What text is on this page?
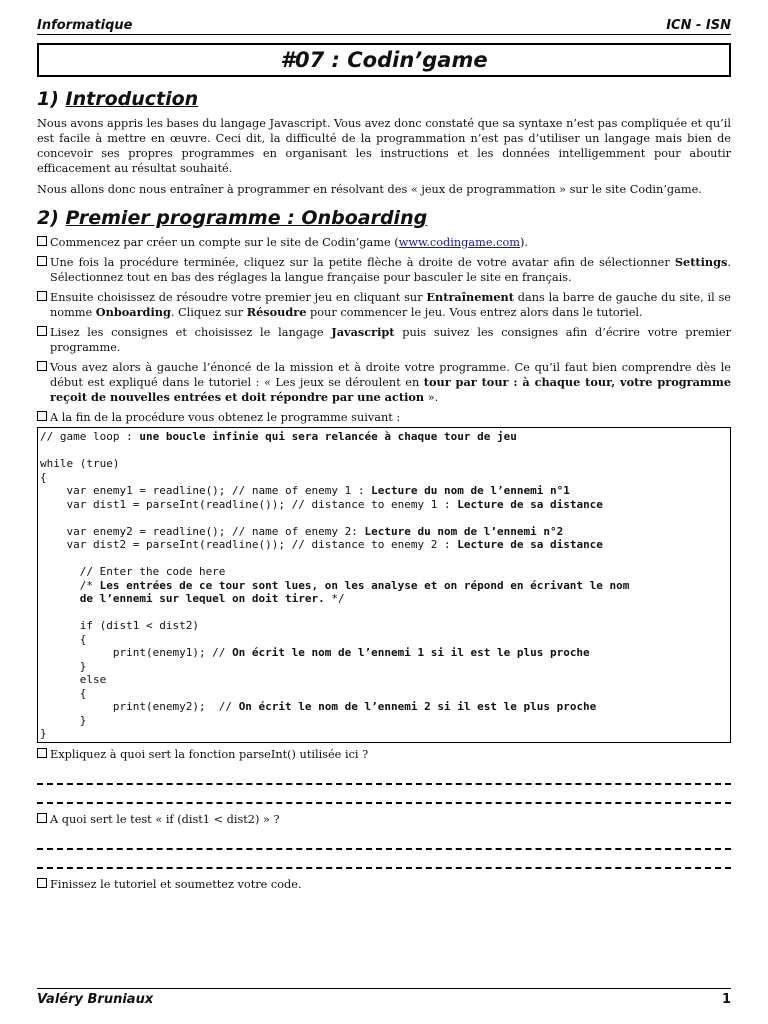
Informatique	ICN - ISN
#07 : Codin’game
1) Introduction

Nous avons appris les bases du langage Javascript. Vous avez donc constaté que sa syntaxe n’est pas compliquée et qu’il est facile à mettre en œuvre. Ceci dit, la difficulté de la programmation n’est pas d’utiliser un langage mais bien de concevoir ses propres programmes en organisant les instructions et les données intelligemment pour aboutir efficacement au résultat souhaité.

Nous allons donc nous entraîner à programmer en résolvant des « jeux de programmation » sur le site Codin’game.

2) Premier programme : Onboarding
Commencez par créer un compte sur le site de Codin’game (www.codingame.com).
Une fois la procédure terminée, cliquez sur la petite flèche à droite de votre avatar afin de sélectionner Settings. Sélectionnez tout en bas des réglages la langue française pour basculer le site en français.
Ensuite choisissez de résoudre votre premier jeu en cliquant sur Entraînement dans la barre de gauche du site, il se nomme Onboarding. Cliquez sur Résoudre pour commencer le jeu. Vous entrez alors dans le tutoriel.
Lisez les consignes et choisissez le langage Javascript puis suivez les consignes afin d’écrire votre premier programme.
Vous avez alors à gauche l’énoncé de la mission et à droite votre programme. Ce qu’il faut bien comprendre dès le début est expliqué dans le tutoriel : « Les jeux se déroulent en tour par tour : à chaque tour, votre programme reçoit de nouvelles entrées et doit répondre par une action ».
A la fin de la procédure vous obtenez le programme suivant :
// game loop : une boucle infinie qui sera relancée à chaque tour de jeu

while (true)
{
var enemy1 = readline(); // name of enemy 1 : Lecture du nom de l’ennemi n°1
var dist1 = parseInt(readline()); // distance to enemy 1 : Lecture de sa distance

var enemy2 = readline(); // name of enemy 2: Lecture du nom de l’ennemi n°2
var dist2 = parseInt(readline()); // distance to enemy 2 : Lecture de sa distance

// Enter the code here
/* Les entrées de ce tour sont lues, on les analyse et on répond en écrivant le nom
de l’ennemi sur lequel on doit tirer. */

if (dist1 < dist2)
{
print(enemy1); // On écrit le nom de l’ennemi 1 si il est le plus proche
}
else
{
print(enemy2);  // On écrit le nom de l’ennemi 2 si il est le plus proche
}
}
Expliquez à quoi sert la fonction parseInt() utilisée ici ?
A quoi sert le test « if (dist1 < dist2) » ?
Finissez le tutoriel et soumettez votre code.
Valéry Bruniaux	1
